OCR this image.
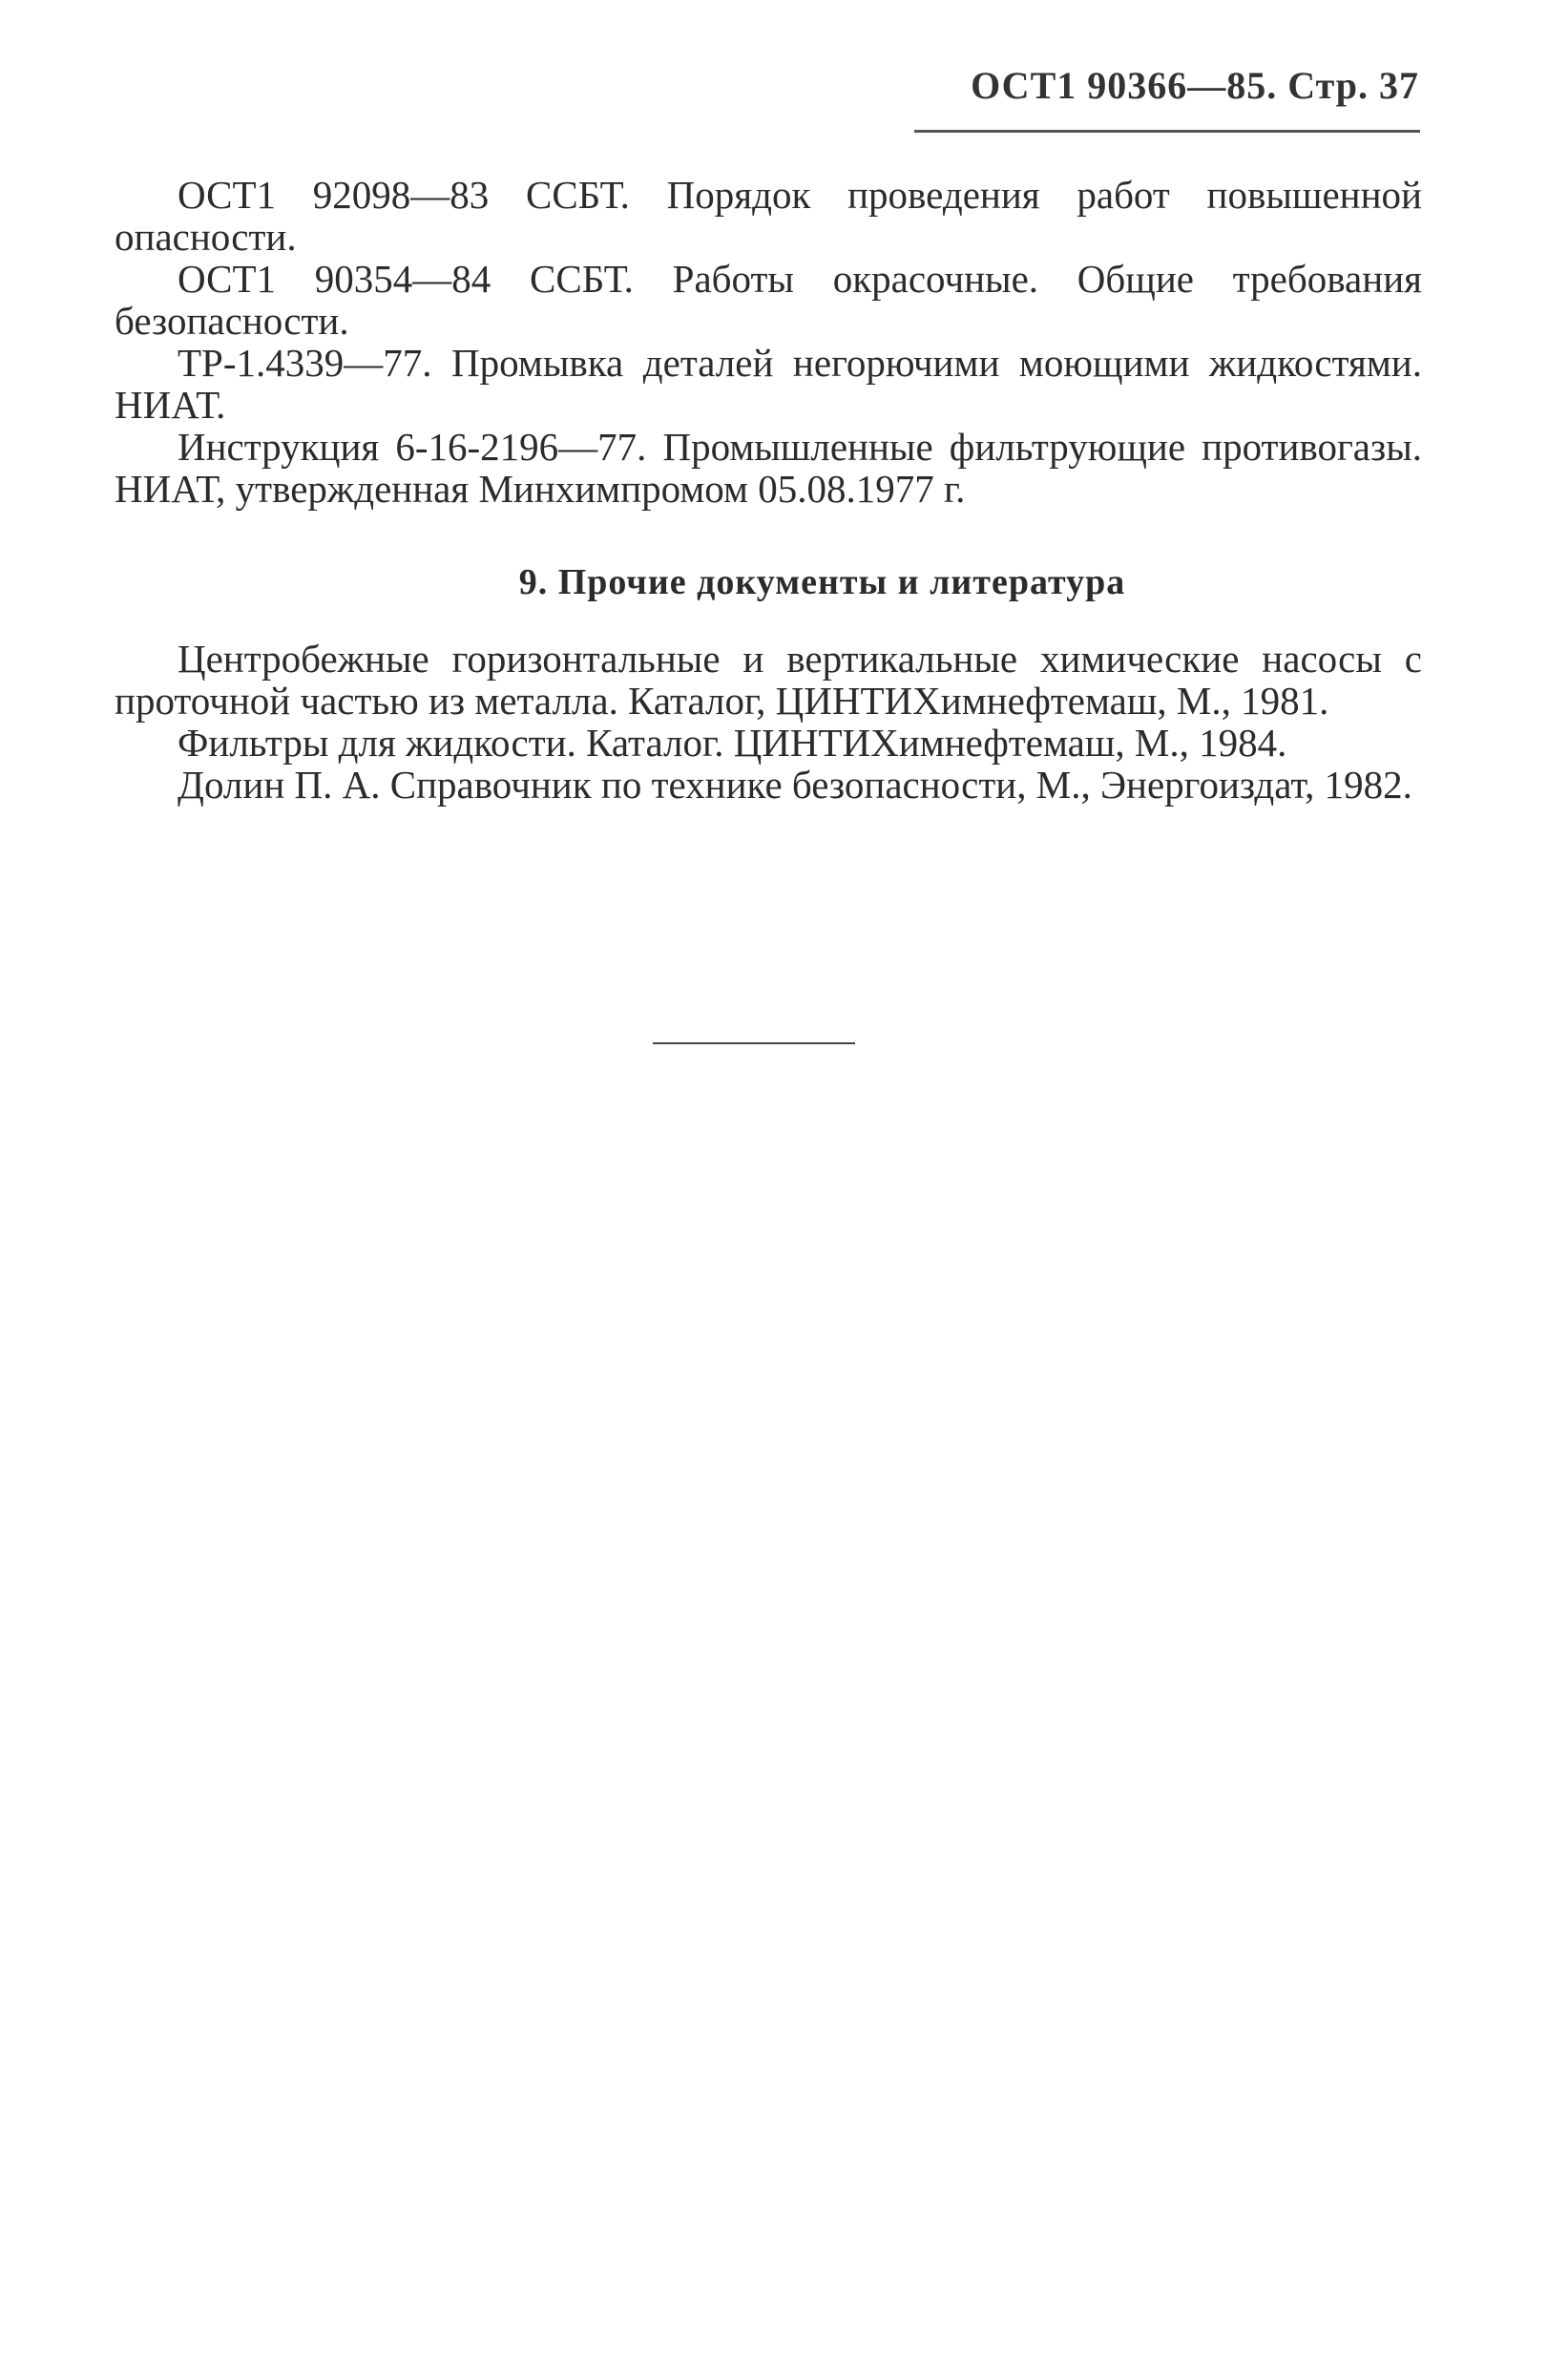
ОСТ1 90366—85. Стр. 37

ОСТ1 92098—83 ССБТ. Порядок проведения работ повышенной опасности.

ОСТ1 90354—84 ССБТ. Работы окрасочные. Общие требования безопасности.

ТР-1.4339—77. Промывка деталей негорючими моющими жидкостями. НИАТ.

Инструкция 6-16-2196—77. Промышленные фильтрующие противогазы. НИАТ, утвержденная Минхимпромом 05.08.1977 г.

9. Прочие документы и литература

Центробежные горизонтальные и вертикальные химические насосы с проточной частью из металла. Каталог, ЦИНТИХимнефтемаш, М., 1981.

Фильтры для жидкости. Каталог. ЦИНТИХимнефтемаш, М., 1984.

Долин П. А. Справочник по технике безопасности, М., Энергоиздат, 1982.
